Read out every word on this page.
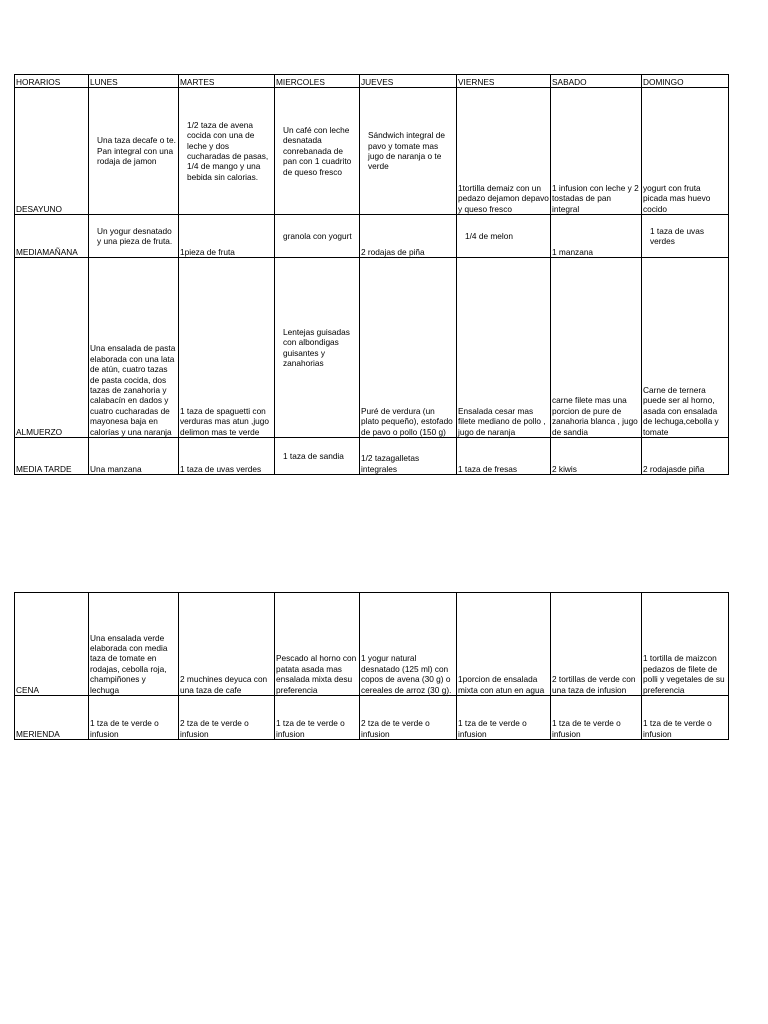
HORARIOS	LUNES	MARTES	MIERCOLES	JUEVES	VIERNES	SABADO	DOMINGO
DESAYUNO	Una taza decafe o te. Pan integral con una rodaja de jamon	1/2 taza de avena cocida con una de leche y dos cucharadas de pasas, 1/4 de mango y una bebida sin calorias.	Un café con leche desnatada conrebanada de pan con 1 cuadrito de queso fresco	Sándwich integral de pavo y tomate mas jugo de naranja o te verde	1tortilla demaiz con un pedazo dejamon depavo y queso fresco	1 infusion con leche y 2 tostadas de pan integral	yogurt con fruta picada mas huevo cocido
MEDIAMAÑANA	Un yogur desnatado y una pieza de fruta.	1pieza de fruta	granola con yogurt	2 rodajas de piña	1/4 de melon	1 manzana	1 taza de uvas verdes
ALMUERZO	Una ensalada de pasta elaborada con una lata de atún, cuatro tazas de pasta cocida, dos tazas de zanahoria y calabacín en dados y cuatro cucharadas de mayonesa baja en calorías y una naranja	1 taza de spaguetti con verduras mas atun ,jugo delimon mas te verde	Lentejas guisadas con albondigas guisantes y zanahorias	Puré de verdura (un plato pequeño), estofado de pavo o pollo (150 g)	Ensalada cesar mas filete mediano de pollo , jugo de naranja	carne filete mas una porcion de pure de zanahoria blanca , jugo de sandia	Carne de ternera puede ser al horno, asada con ensalada de lechuga,cebolla y tomate
MEDIA TARDE	Una manzana	1 taza de uvas verdes	1 taza de sandia	1/2 tazagalletas integrales	1 taza de fresas	2 kiwis	2 rodajasde piña
CENA	Una ensalada verde elaborada con media taza de tomate en rodajas, cebolla roja, champiñones y lechuga	2 muchines deyuca con una taza de cafe	Pescado al horno con patata asada mas ensalada mixta desu preferencia	1 yogur natural desnatado (125 ml) con copos de avena (30 g) o cereales de arroz (30 g).	1porcion de ensalada mixta con atun en agua	2 tortillas de verde con una taza de infusion	1 tortilla de maizcon pedazos de filete de polli y vegetales de su preferencia
MERIENDA	1 tza de te verde o infusion	2 tza de te verde o infusion	1 tza de te verde o infusion	2 tza de te verde o infusion	1 tza de te verde o infusion	1 tza de te verde o infusion	1 tza de te verde o infusion
